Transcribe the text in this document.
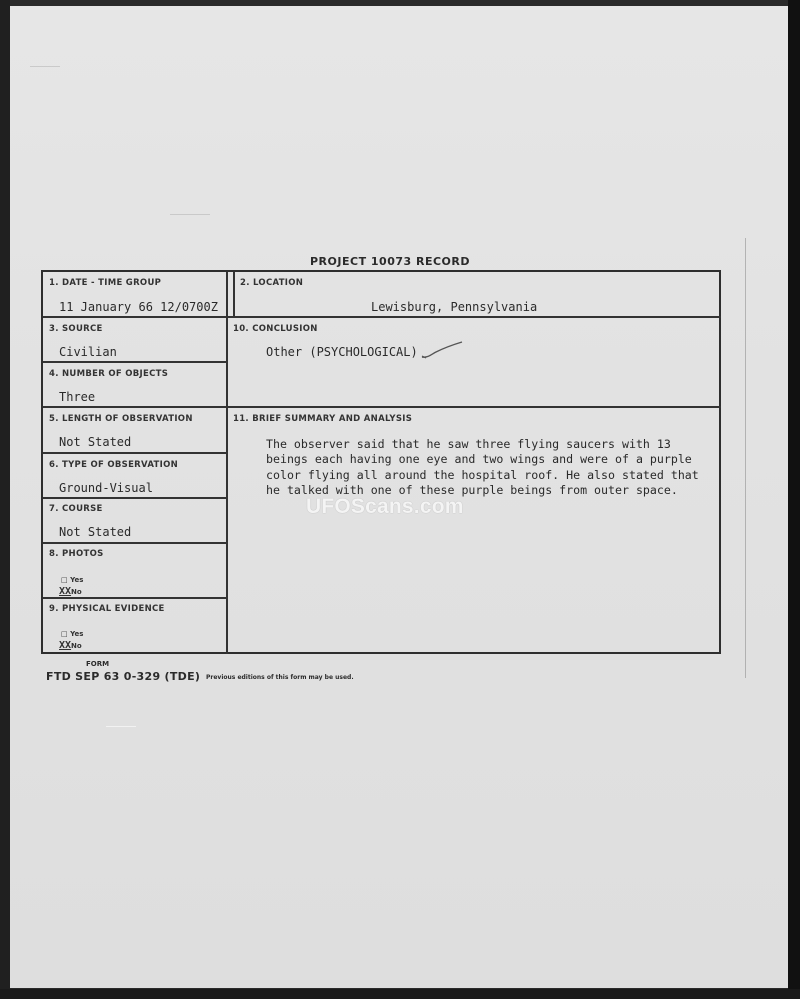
PROJECT 10073 RECORD
1. DATE - TIME GROUP
11 January 66 12/0700Z
2. LOCATION
Lewisburg, Pennsylvania
3. SOURCE
Civilian
10. CONCLUSION
Other (PSYCHOLOGICAL)
4. NUMBER OF OBJECTS
Three
5. LENGTH OF OBSERVATION
Not Stated
11. BRIEF SUMMARY AND ANALYSIS
The observer said that he saw three flying saucers with 13
beings each having one eye and two wings and were of a purple
color flying all around the hospital roof. He also stated that
he talked with one of these purple beings from outer space.
6. TYPE OF OBSERVATION
Ground-Visual
7. COURSE
Not Stated
8. PHOTOS
□ Yes
XXNo
9. PHYSICAL EVIDENCE
□ Yes
XXNo
UFOScans.com
FORM
FTD SEP 63 0-329 (TDE) Previous editions of this form may be used.
